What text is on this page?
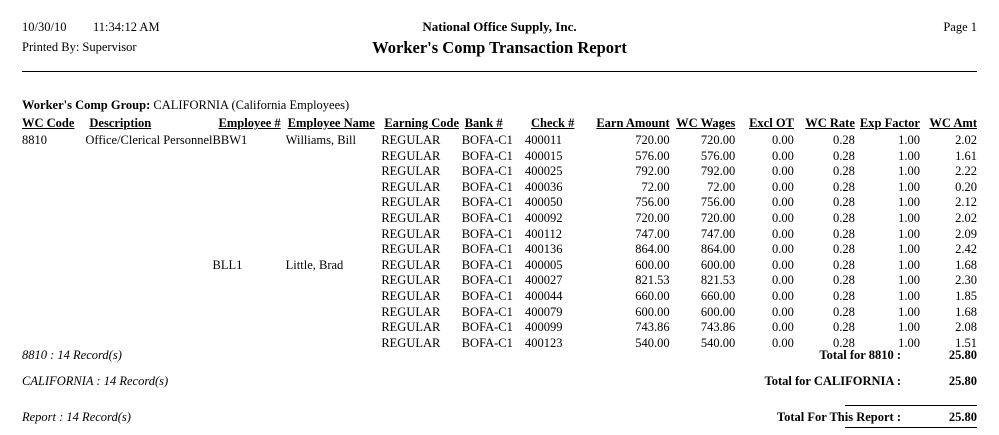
10/30/10 11:34:12 AM	National Office Supply, Inc.	Page 1
Printed By: Supervisor	Worker's Comp Transaction Report
Worker's Comp Group: CALIFORNIA (California Employees)
WC Code	Description	Employee #	Employee Name	Earning Code	Bank #	Check #	Earn Amount	WC Wages	Excl OT	WC Rate	Exp Factor	WC Amt
8810	Office/Clerical Personnel	BBW1	Williams, Bill	REGULAR	BOFA-C1	400011	720.00	720.00	0.00	0.28	1.00	2.02
				REGULAR	BOFA-C1	400015	576.00	576.00	0.00	0.28	1.00	1.61
				REGULAR	BOFA-C1	400025	792.00	792.00	0.00	0.28	1.00	2.22
				REGULAR	BOFA-C1	400036	72.00	72.00	0.00	0.28	1.00	0.20
				REGULAR	BOFA-C1	400050	756.00	756.00	0.00	0.28	1.00	2.12
				REGULAR	BOFA-C1	400092	720.00	720.00	0.00	0.28	1.00	2.02
				REGULAR	BOFA-C1	400112	747.00	747.00	0.00	0.28	1.00	2.09
				REGULAR	BOFA-C1	400136	864.00	864.00	0.00	0.28	1.00	2.42
		BLL1	Little, Brad	REGULAR	BOFA-C1	400005	600.00	600.00	0.00	0.28	1.00	1.68
				REGULAR	BOFA-C1	400027	821.53	821.53	0.00	0.28	1.00	2.30
				REGULAR	BOFA-C1	400044	660.00	660.00	0.00	0.28	1.00	1.85
				REGULAR	BOFA-C1	400079	600.00	600.00	0.00	0.28	1.00	1.68
				REGULAR	BOFA-C1	400099	743.86	743.86	0.00	0.28	1.00	2.08
				REGULAR	BOFA-C1	400123	540.00	540.00	0.00	0.28	1.00	1.51
8810 : 14 Record(s)	Total for 8810 :	25.80
CALIFORNIA : 14 Record(s)	Total for CALIFORNIA :	25.80
Report : 14 Record(s)	Total For This Report :	25.80
